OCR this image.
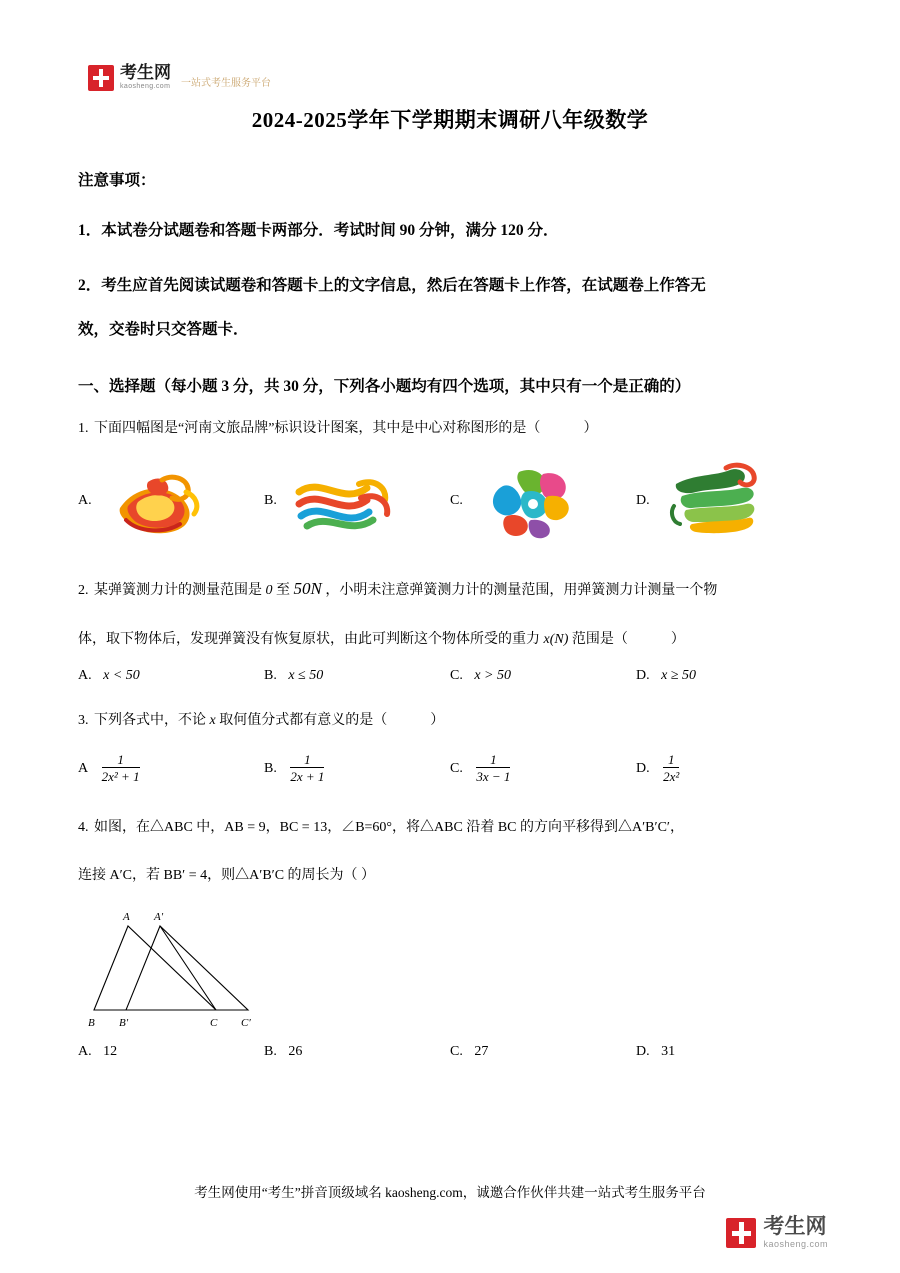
考生网
kaosheng.com 一站式考生服务平台
2024-2025学年下学期期末调研八年级数学
注意事项：
1．本试卷分试题卷和答题卡两部分．考试时间 90 分钟，满分 120 分．
2．考生应首先阅读试题卷和答题卡上的文字信息，然后在答题卡上作答，在试题卷上作答无
效，交卷时只交答题卡．
一、选择题（每小题 3 分，共 30 分，下列各小题均有四个选项，其中只有一个是正确的）
1. 下面四幅图是“河南文旅品牌”标识设计图案，其中是中心对称图形的是（	）
A.	B.	C.	D.
2. 某弹簧测力计的测量范围是 0 至 50N ，小明未注意弹簧测力计的测量范围，用弹簧测力计测量一个物
体，取下物体后，发现弹簧没有恢复原状，由此可判断这个物体所受的重力 x(N) 范围是（	）
A. x < 50	B. x ≤ 50	C. x > 50	D. x ≥ 50
3. 下列各式中，不论 x 取何值分式都有意义的是（	）
A $\frac{1}{\text{2x² + 1}}$	B. $\frac{1}{2x + 1}$	C. $\frac{1}{3x - 1}$	D. $\frac{1}{\text{2x²}}$
4. 如图，在△ABC 中，AB = 9，BC = 13，∠B=60°，将△ABC 沿着 BC 的方向平移得到△A′B′C′，
连接 A′C，若 BB′ = 4，则△A′B′C 的周长为（ ）
A A′
B B′	C C′
A. 12	B. 26	C. 27	D. 31
考生网使用“考生”拼音顶级域名 kaosheng.com，诚邀合作伙伴共建一站式考生服务平台
考生网
kaosheng.com
